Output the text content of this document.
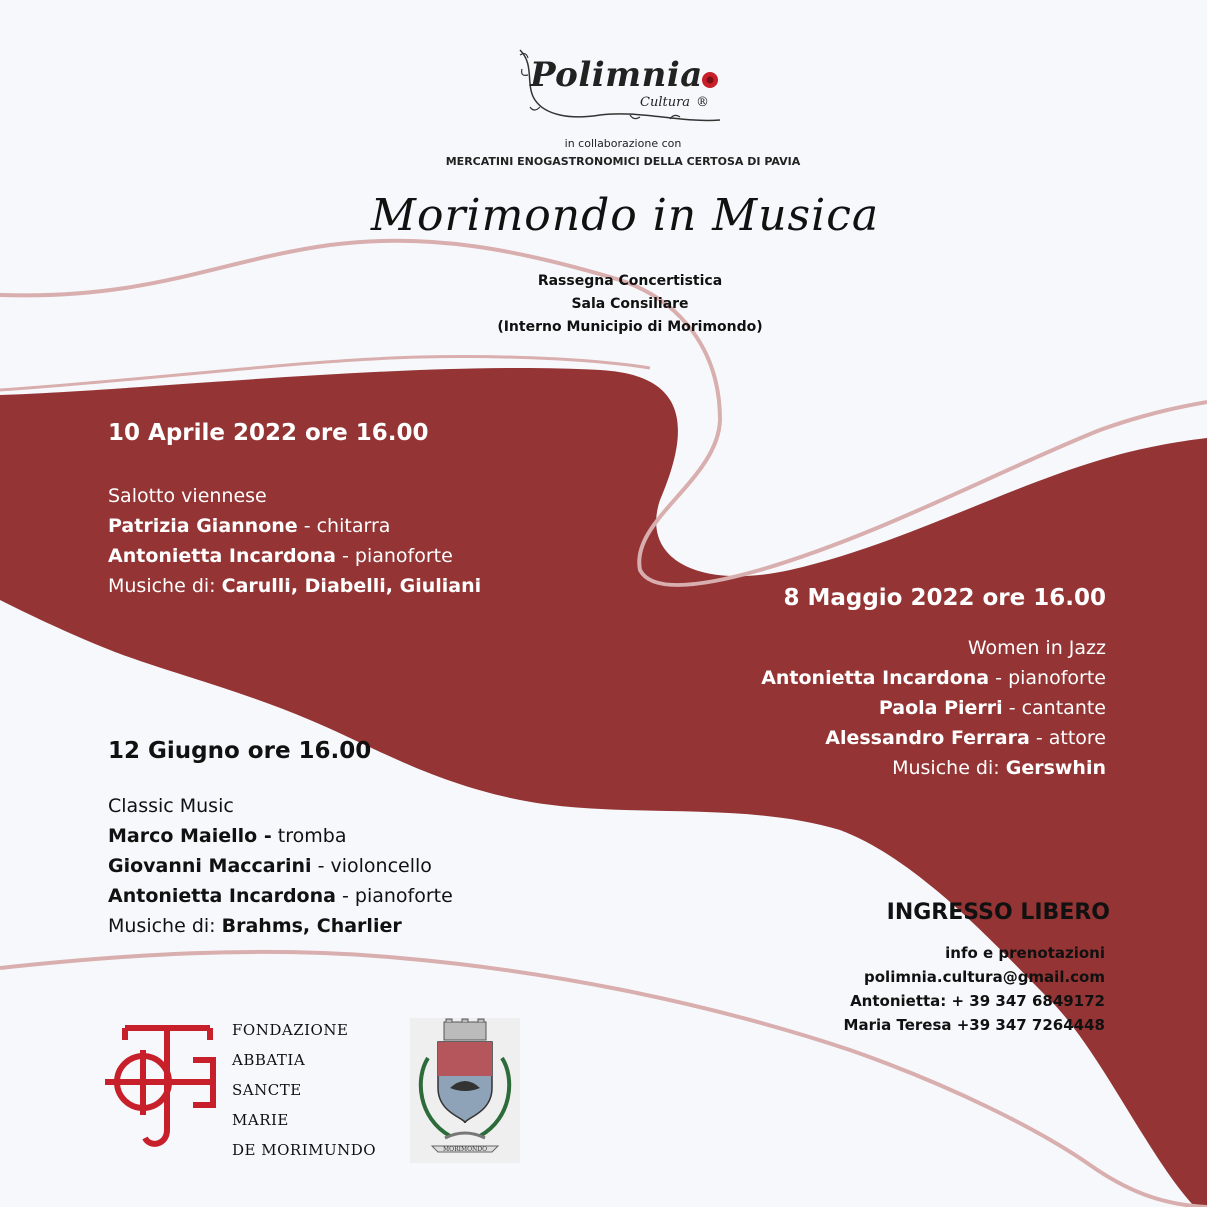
Polimnia
Cultura ®
in collaborazione con
MERCATINI ENOGASTRONOMICI DELLA CERTOSA DI PAVIA
Morimondo in Musica
Rassegna Concertistica
Sala Consiliare
(Interno Municipio di Morimondo)
10 Aprile 2022 ore 16.00
Salotto viennese
Patrizia Giannone - chitarra
Antonietta Incardona - pianoforte
Musiche di: Carulli, Diabelli, Giuliani	8 Maggio 2022 ore 16.00
Women in Jazz
Antonietta Incardona - pianoforte
Paola Pierri - cantante
Alessandro Ferrara - attore
Musiche di: Gerswhin
12 Giugno ore 16.00
Classic Music
Marco Maiello - tromba
Giovanni Maccarini - violoncello
Antonietta Incardona - pianoforte
Musiche di: Brahms, Charlier
INGRESSO LIBERO
info e prenotazioni
polimnia.cultura@gmail.com
Antonietta: + 39 347 6849172
Maria Teresa +39 347 7264448
FONDAZIONE
ABBATIA
SANCTE
MARIE
DE MORIMUNDO	MORIMONDO
